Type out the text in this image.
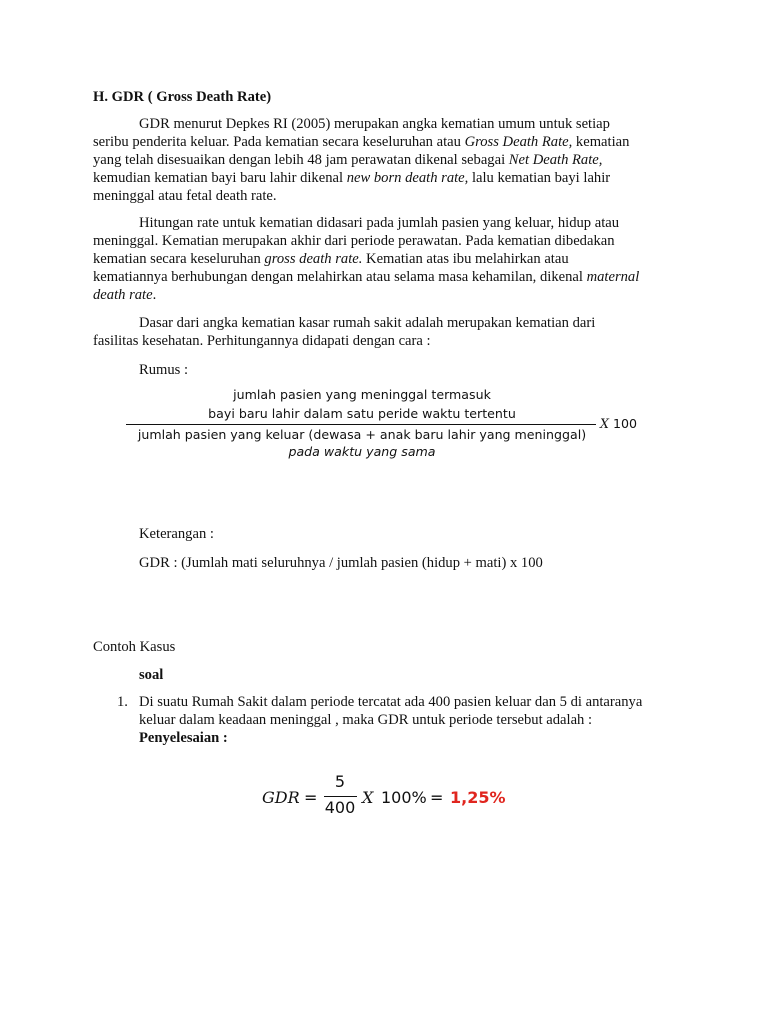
H. GDR ( Gross Death Rate)
GDR menurut Depkes RI (2005) merupakan angka kematian umum untuk setiap
seribu penderita keluar. Pada kematian secara keseluruhan atau Gross Death Rate, kematian
yang telah disesuaikan dengan lebih 48 jam perawatan dikenal sebagai Net Death Rate,
kemudian kematian bayi baru lahir dikenal new born death rate, lalu kematian bayi lahir
meninggal atau fetal death rate.
Hitungan rate untuk kematian didasari pada jumlah pasien yang keluar, hidup atau
meninggal. Kematian merupakan akhir dari periode perawatan. Pada kematian dibedakan
kematian secara keseluruhan gross death rate. Kematian atas ibu melahirkan atau
kematiannya berhubungan dengan melahirkan atau selama masa kehamilan, dikenal maternal
death rate.
Dasar dari angka kematian kasar rumah sakit adalah merupakan kematian dari
fasilitas kesehatan. Perhitungannya didapati dengan cara :
Rumus :
jumlah pasien yang meninggal termasuk
bayi baru lahir dalam satu peride waktu tertentu
jumlah pasien yang keluar (dewasa + anak baru lahir yang meninggal)
pada waktu yang sama
X 100
Keterangan :
GDR : (Jumlah mati seluruhnya / jumlah pasien (hidup + mati) x 100
Contoh Kasus
soal
1. Di suatu Rumah Sakit dalam periode tercatat ada 400 pasien keluar dan 5 di antaranya
keluar dalam keadaan meninggal , maka GDR untuk periode tersebut adalah :
Penyelesaian :
GDR =
5
400
X 100% = 1,25%
